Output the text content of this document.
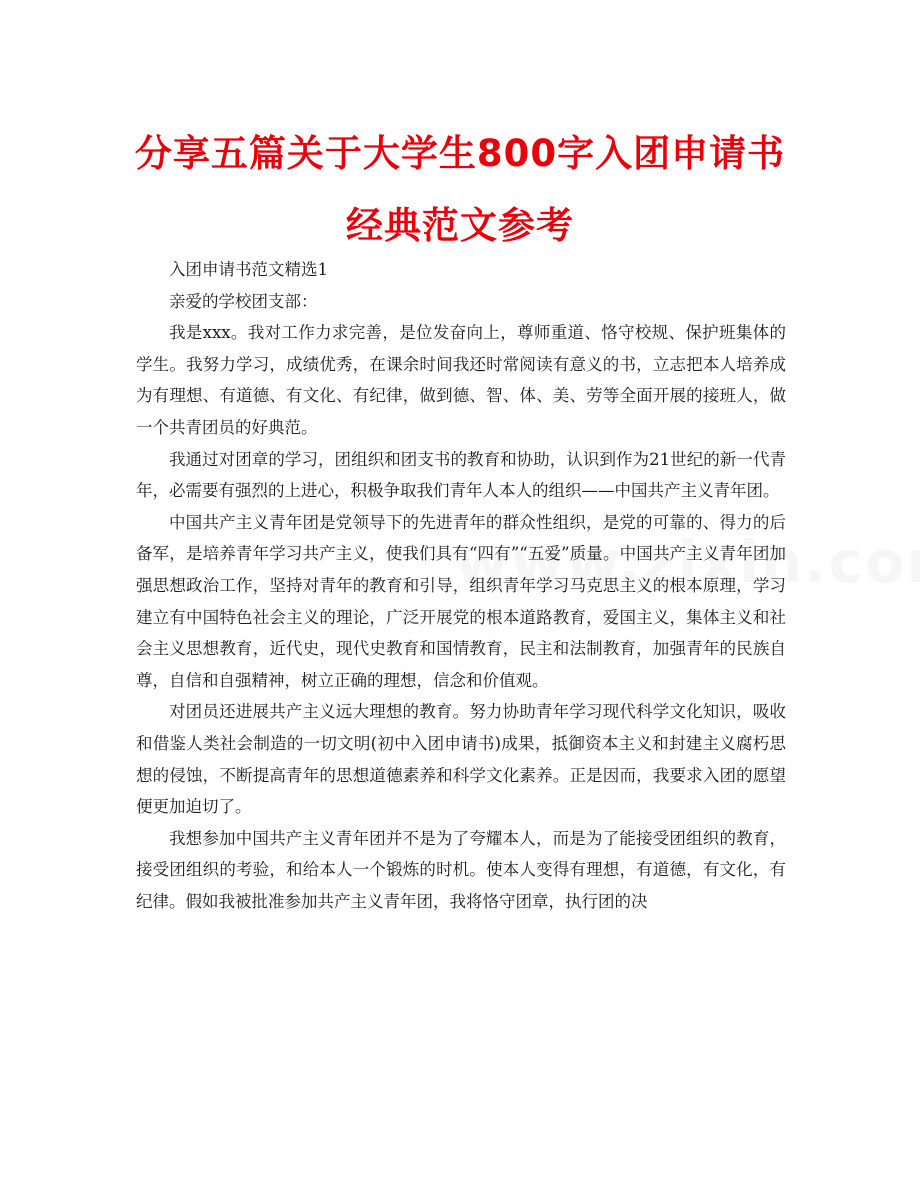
分享五篇关于大学生800字入团申请书经典范文参考

入团申请书范文精选1

亲爱的学校团支部：

我是xxx。我对工作力求完善，是位发奋向上，尊师重道、恪守校规、保护班集体的学生。我努力学习，成绩优秀，在课余时间我还时常阅读有意义的书，立志把本人培养成为有理想、有道德、有文化、有纪律，做到德、智、体、美、劳等全面开展的接班人，做一个共青团员的好典范。

我通过对团章的学习，团组织和团支书的教育和协助，认识到作为21世纪的新一代青年，必需要有强烈的上进心，积极争取我们青年人本人的组织——中国共产主义青年团。

中国共产主义青年团是党领导下的先进青年的群众性组织，是党的可靠的、得力的后备军，是培养青年学习共产主义，使我们具有“四有”“五爱”质量。中国共产主义青年团加强思想政治工作，坚持对青年的教育和引导，组织青年学习马克思主义的根本原理，学习建立有中国特色社会主义的理论，广泛开展党的根本道路教育，爱国主义，集体主义和社会主义思想教育，近代史，现代史教育和国情教育，民主和法制教育，加强青年的民族自尊，自信和自强精神，树立正确的理想，信念和价值观。

对团员还进展共产主义远大理想的教育。努力协助青年学习现代科学文化知识，吸收和借鉴人类社会制造的一切文明(初中入团申请书)成果，抵御资本主义和封建主义腐朽思想的侵蚀，不断提高青年的思想道德素养和科学文化素养。正是因而，我要求入团的愿望便更加迫切了。

我想参加中国共产主义青年团并不是为了夸耀本人，而是为了能接受团组织的教育，接受团组织的考验，和给本人一个锻炼的时机。使本人变得有理想，有道德，有文化，有纪律。假如我被批准参加共产主义青年团，我将恪守团章，执行团的决
